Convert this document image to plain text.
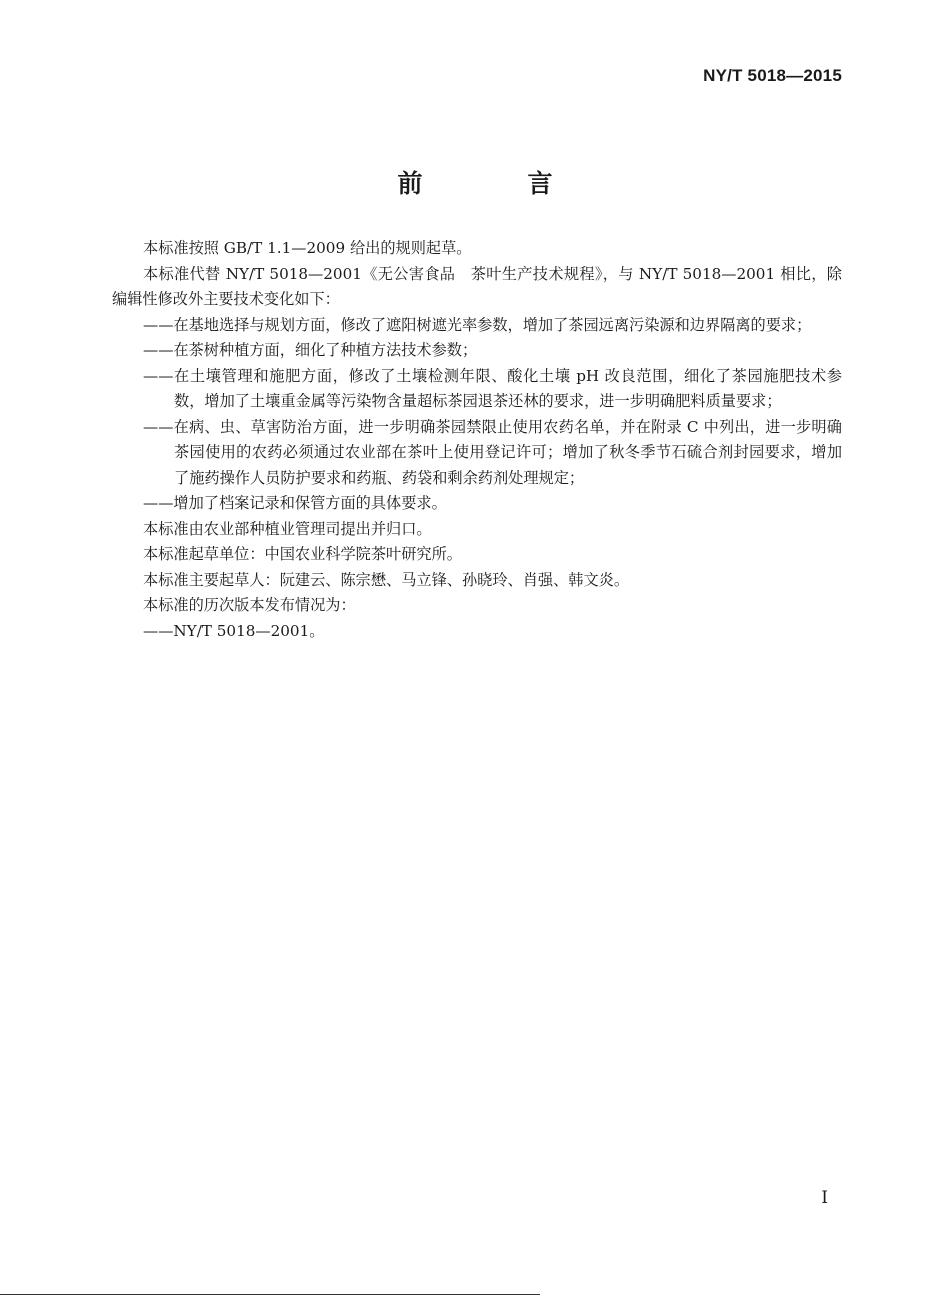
NY/T 5018—2015
前　言

本标准按照 GB/T 1.1—2009 给出的规则起草。

本标准代替 NY/T 5018—2001《无公害食品　茶叶生产技术规程》，与 NY/T 5018—2001 相比，除编辑性修改外主要技术变化如下：

——在基地选择与规划方面，修改了遮阳树遮光率参数，增加了茶园远离污染源和边界隔离的要求；

——在茶树种植方面，细化了种植方法技术参数；

——在土壤管理和施肥方面，修改了土壤检测年限、酸化土壤 pH 改良范围，细化了茶园施肥技术参数，增加了土壤重金属等污染物含量超标茶园退茶还林的要求，进一步明确肥料质量要求；

——在病、虫、草害防治方面，进一步明确茶园禁限止使用农药名单，并在附录 C 中列出，进一步明确茶园使用的农药必须通过农业部在茶叶上使用登记许可；增加了秋冬季节石硫合剂封园要求，增加了施药操作人员防护要求和药瓶、药袋和剩余药剂处理规定；

——增加了档案记录和保管方面的具体要求。

本标准由农业部种植业管理司提出并归口。

本标准起草单位：中国农业科学院茶叶研究所。

本标准主要起草人：阮建云、陈宗懋、马立锋、孙晓玲、肖强、韩文炎。

本标准的历次版本发布情况为：

——NY/T 5018—2001。

I
